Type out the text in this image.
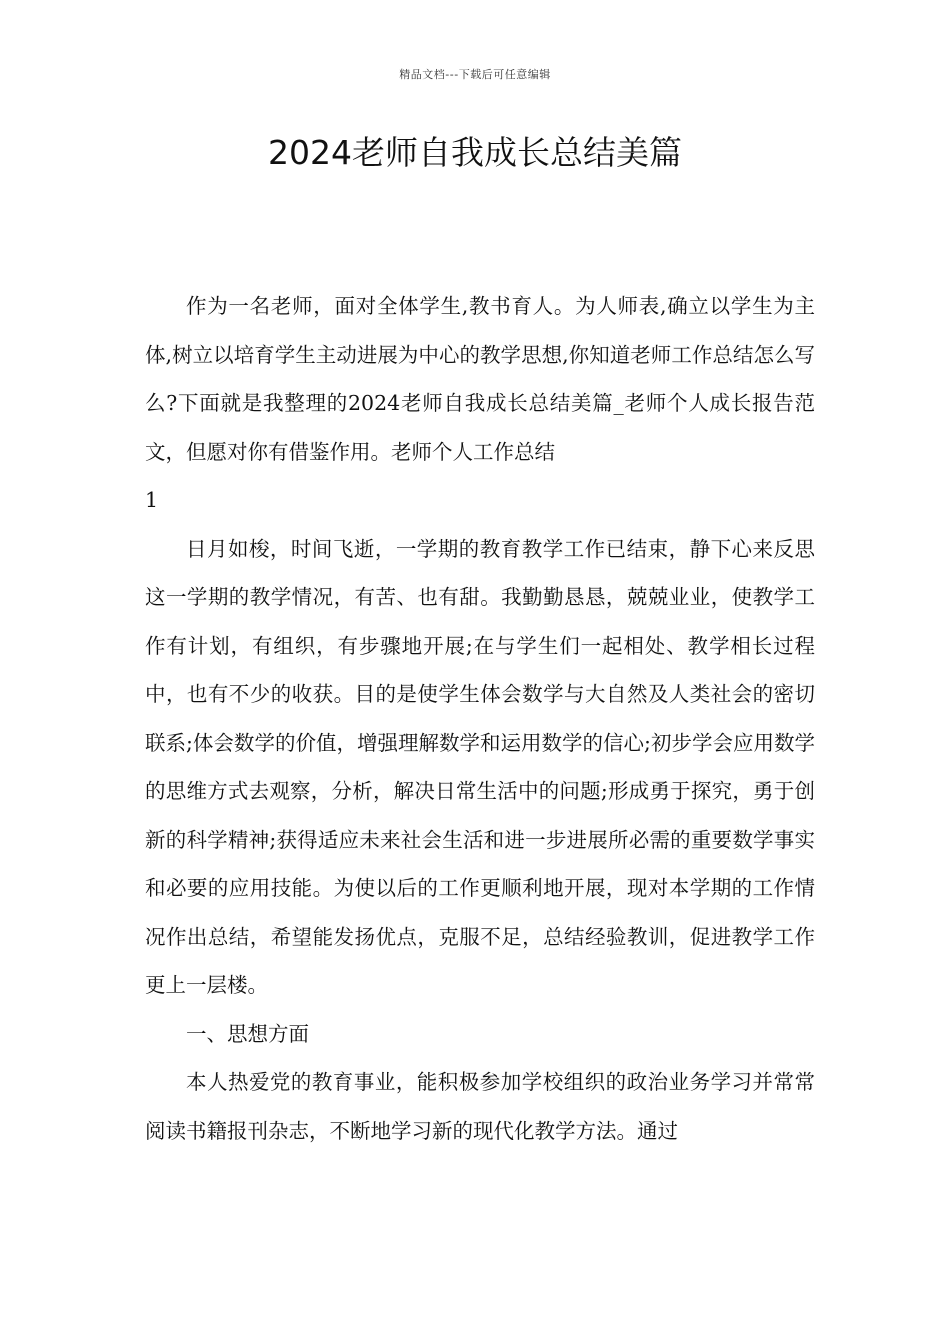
精品文档---下载后可任意编辑
2024老师自我成长总结美篇

作为一名老师，面对全体学生,教书育人。为人师表,确立以学生为主体,树立以培育学生主动进展为中心的教学思想,你知道老师工作总结怎么写么?下面就是我整理的2024老师自我成长总结美篇_老师个人成长报告范文，但愿对你有借鉴作用。老师个人工作总结

1

日月如梭，时间飞逝，一学期的教育教学工作已结束，静下心来反思这一学期的教学情况，有苦、也有甜。我勤勤恳恳，兢兢业业，使教学工作有计划，有组织，有步骤地开展;在与学生们一起相处、教学相长过程中，也有不少的收获。目的是使学生体会数学与大自然及人类社会的密切联系;体会数学的价值，增强理解数学和运用数学的信心;初步学会应用数学的思维方式去观察，分析，解决日常生活中的问题;形成勇于探究，勇于创新的科学精神;获得适应未来社会生活和进一步进展所必需的重要数学事实和必要的应用技能。为使以后的工作更顺利地开展，现对本学期的工作情况作出总结，希望能发扬优点，克服不足，总结经验教训，促进教学工作更上一层楼。

一、思想方面

本人热爱党的教育事业，能积极参加学校组织的政治业务学习并常常阅读书籍报刊杂志，不断地学习新的现代化教学方法。通过
